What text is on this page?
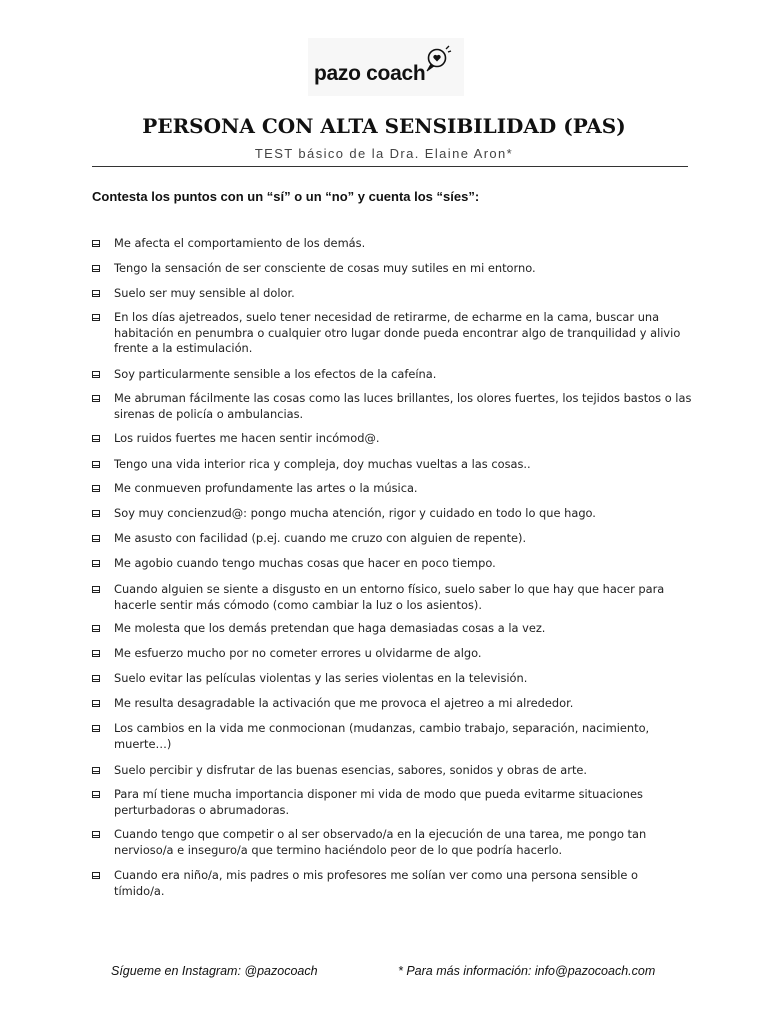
pazo coach
PERSONA CON ALTA SENSIBILIDAD (PAS)
TEST básico de la Dra. Elaine Aron*
Contesta los puntos con un “sí” o un “no” y cuenta los “síes”:
Me afecta el comportamiento de los demás.
Tengo la sensación de ser consciente de cosas muy sutiles en mi entorno.
Suelo ser muy sensible al dolor.
En los días ajetreados, suelo tener necesidad de retirarme, de echarme en la cama, buscar una habitación en penumbra o cualquier otro lugar donde pueda encontrar algo de tranquilidad y alivio frente a la estimulación.
Soy particularmente sensible a los efectos de la cafeína.
Me abruman fácilmente las cosas como las luces brillantes, los olores fuertes, los tejidos bastos o las sirenas de policía o ambulancias.
Los ruidos fuertes me hacen sentir incómod@.
Tengo una vida interior rica y compleja, doy muchas vueltas a las cosas..
Me conmueven profundamente las artes o la música.
Soy muy concienzud@: pongo mucha atención, rigor y cuidado en todo lo que hago.
Me asusto con facilidad (p.ej. cuando me cruzo con alguien de repente).
Me agobio cuando tengo muchas cosas que hacer en poco tiempo.
Cuando alguien se siente a disgusto en un entorno físico, suelo saber lo que hay que hacer para hacerle sentir más cómodo (como cambiar la luz o los asientos).
Me molesta que los demás pretendan que haga demasiadas cosas a la vez.
Me esfuerzo mucho por no cometer errores u olvidarme de algo.
Suelo evitar las películas violentas y las series violentas en la televisión.
Me resulta desagradable la activación que me provoca el ajetreo a mi alrededor.
Los cambios en la vida me conmocionan (mudanzas, cambio trabajo, separación, nacimiento, muerte…)
Suelo percibir y disfrutar de las buenas esencias, sabores, sonidos y obras de arte.
Para mí tiene mucha importancia disponer mi vida de modo que pueda evitarme situaciones perturbadoras o abrumadoras.
Cuando tengo que competir o al ser observado/a en la ejecución de una tarea, me pongo tan nervioso/a e inseguro/a que termino haciéndolo peor de lo que podría hacerlo.
Cuando era niño/a, mis padres o mis profesores me solían ver como una persona sensible o tímido/a.
Sígueme en Instagram: @pazocoach	* Para más información: info@pazocoach.com
